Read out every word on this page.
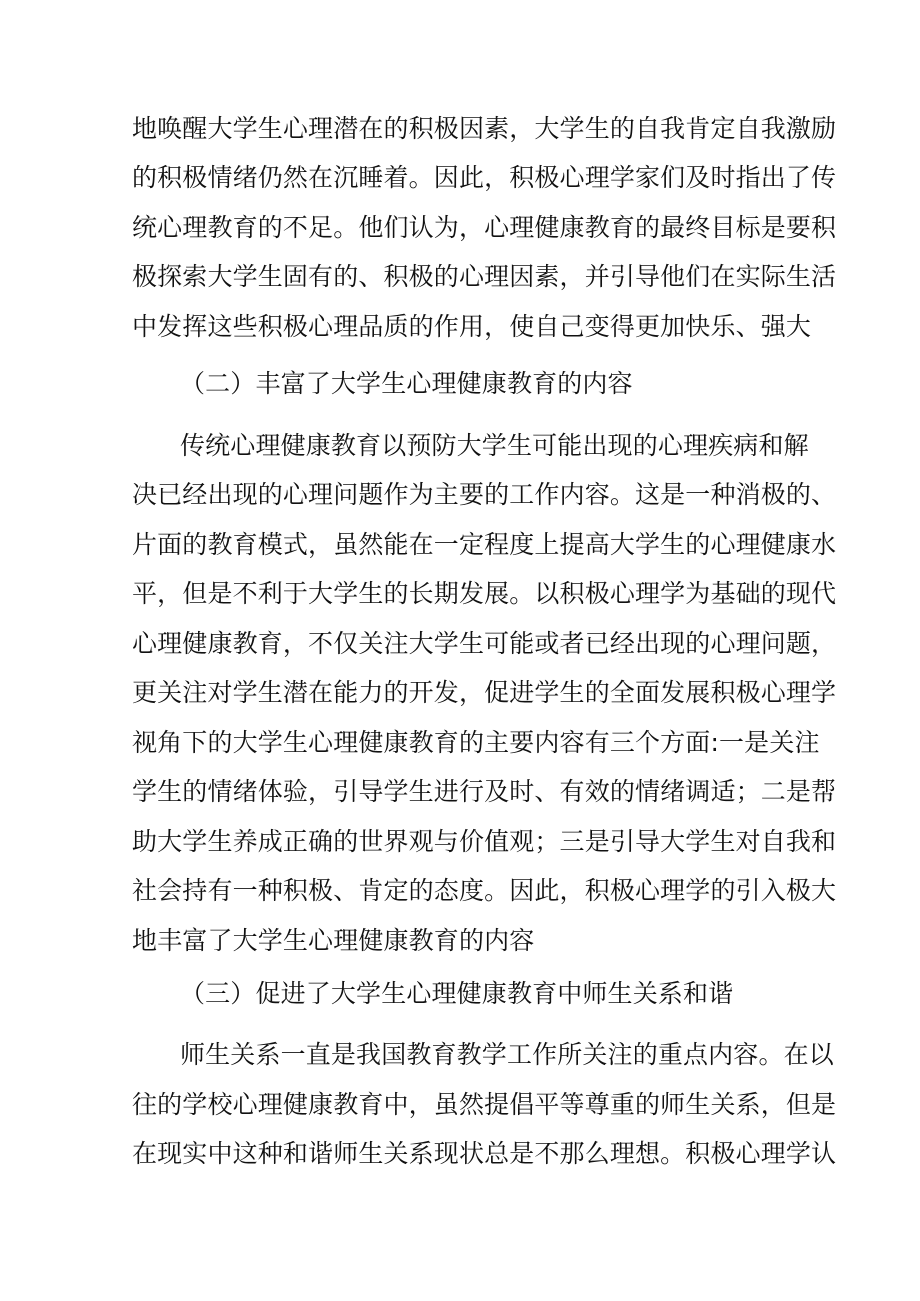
地唤醒大学生心理潜在的积极因素，大学生的自我肯定自我激励
的积极情绪仍然在沉睡着。因此，积极心理学家们及时指出了传
统心理教育的不足。他们认为，心理健康教育的最终目标是要积
极探索大学生固有的、积极的心理因素，并引导他们在实际生活
中发挥这些积极心理品质的作用，使自己变得更加快乐、强大
（二）丰富了大学生心理健康教育的内容
传统心理健康教育以预防大学生可能出现的心理疾病和解
决已经出现的心理问题作为主要的工作内容。这是一种消极的、
片面的教育模式，虽然能在一定程度上提高大学生的心理健康水
平，但是不利于大学生的长期发展。以积极心理学为基础的现代
心理健康教育，不仅关注大学生可能或者已经出现的心理问题，
更关注对学生潜在能力的开发，促进学生的全面发展积极心理学
视角下的大学生心理健康教育的主要内容有三个方面:一是关注
学生的情绪体验，引导学生进行及时、有效的情绪调适；二是帮
助大学生养成正确的世界观与价值观；三是引导大学生对自我和
社会持有一种积极、肯定的态度。因此，积极心理学的引入极大
地丰富了大学生心理健康教育的内容
（三）促进了大学生心理健康教育中师生关系和谐
师生关系一直是我国教育教学工作所关注的重点内容。在以
往的学校心理健康教育中，虽然提倡平等尊重的师生关系，但是
在现实中这种和谐师生关系现状总是不那么理想。积极心理学认
